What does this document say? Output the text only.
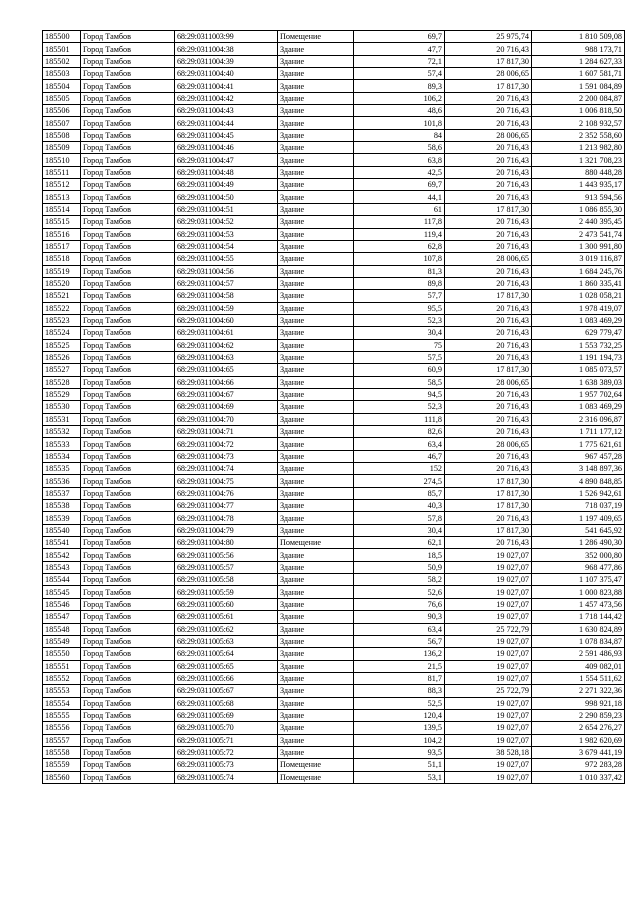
185500	Город Тамбов	68:29:0311003:99	Помещение	69,7	25 975,74	1 810 509,08
185501	Город Тамбов	68:29:0311004:38	Здание	47,7	20 716,43	988 173,71
185502	Город Тамбов	68:29:0311004:39	Здание	72,1	17 817,30	1 284 627,33
185503	Город Тамбов	68:29:0311004:40	Здание	57,4	28 006,65	1 607 581,71
185504	Город Тамбов	68:29:0311004:41	Здание	89,3	17 817,30	1 591 084,89
185505	Город Тамбов	68:29:0311004:42	Здание	106,2	20 716,43	2 200 084,87
185506	Город Тамбов	68:29:0311004:43	Здание	48,6	20 716,43	1 006 818,50
185507	Город Тамбов	68:29:0311004:44	Здание	101,8	20 716,43	2 108 932,57
185508	Город Тамбов	68:29:0311004:45	Здание	84	28 006,65	2 352 558,60
185509	Город Тамбов	68:29:0311004:46	Здание	58,6	20 716,43	1 213 982,80
185510	Город Тамбов	68:29:0311004:47	Здание	63,8	20 716,43	1 321 708,23
185511	Город Тамбов	68:29:0311004:48	Здание	42,5	20 716,43	880 448,28
185512	Город Тамбов	68:29:0311004:49	Здание	69,7	20 716,43	1 443 935,17
185513	Город Тамбов	68:29:0311004:50	Здание	44,1	20 716,43	913 594,56
185514	Город Тамбов	68:29:0311004:51	Здание	61	17 817,30	1 086 855,30
185515	Город Тамбов	68:29:0311004:52	Здание	117,8	20 716,43	2 440 395,45
185516	Город Тамбов	68:29:0311004:53	Здание	119,4	20 716,43	2 473 541,74
185517	Город Тамбов	68:29:0311004:54	Здание	62,8	20 716,43	1 300 991,80
185518	Город Тамбов	68:29:0311004:55	Здание	107,8	28 006,65	3 019 116,87
185519	Город Тамбов	68:29:0311004:56	Здание	81,3	20 716,43	1 684 245,76
185520	Город Тамбов	68:29:0311004:57	Здание	89,8	20 716,43	1 860 335,41
185521	Город Тамбов	68:29:0311004:58	Здание	57,7	17 817,30	1 028 058,21
185522	Город Тамбов	68:29:0311004:59	Здание	95,5	20 716,43	1 978 419,07
185523	Город Тамбов	68:29:0311004:60	Здание	52,3	20 716,43	1 083 469,29
185524	Город Тамбов	68:29:0311004:61	Здание	30,4	20 716,43	629 779,47
185525	Город Тамбов	68:29:0311004:62	Здание	75	20 716,43	1 553 732,25
185526	Город Тамбов	68:29:0311004:63	Здание	57,5	20 716,43	1 191 194,73
185527	Город Тамбов	68:29:0311004:65	Здание	60,9	17 817,30	1 085 073,57
185528	Город Тамбов	68:29:0311004:66	Здание	58,5	28 006,65	1 638 389,03
185529	Город Тамбов	68:29:0311004:67	Здание	94,5	20 716,43	1 957 702,64
185530	Город Тамбов	68:29:0311004:69	Здание	52,3	20 716,43	1 083 469,29
185531	Город Тамбов	68:29:0311004:70	Здание	111,8	20 716,43	2 316 096,87
185532	Город Тамбов	68:29:0311004:71	Здание	82,6	20 716,43	1 711 177,12
185533	Город Тамбов	68:29:0311004:72	Здание	63,4	28 006,65	1 775 621,61
185534	Город Тамбов	68:29:0311004:73	Здание	46,7	20 716,43	967 457,28
185535	Город Тамбов	68:29:0311004:74	Здание	152	20 716,43	3 148 897,36
185536	Город Тамбов	68:29:0311004:75	Здание	274,5	17 817,30	4 890 848,85
185537	Город Тамбов	68:29:0311004:76	Здание	85,7	17 817,30	1 526 942,61
185538	Город Тамбов	68:29:0311004:77	Здание	40,3	17 817,30	718 037,19
185539	Город Тамбов	68:29:0311004:78	Здание	57,8	20 716,43	1 197 409,65
185540	Город Тамбов	68:29:0311004:79	Здание	30,4	17 817,30	541 645,92
185541	Город Тамбов	68:29:0311004:80	Помещение	62,1	20 716,43	1 286 490,30
185542	Город Тамбов	68:29:0311005:56	Здание	18,5	19 027,07	352 000,80
185543	Город Тамбов	68:29:0311005:57	Здание	50,9	19 027,07	968 477,86
185544	Город Тамбов	68:29:0311005:58	Здание	58,2	19 027,07	1 107 375,47
185545	Город Тамбов	68:29:0311005:59	Здание	52,6	19 027,07	1 000 823,88
185546	Город Тамбов	68:29:0311005:60	Здание	76,6	19 027,07	1 457 473,56
185547	Город Тамбов	68:29:0311005:61	Здание	90,3	19 027,07	1 718 144,42
185548	Город Тамбов	68:29:0311005:62	Здание	63,4	25 722,79	1 630 824,89
185549	Город Тамбов	68:29:0311005:63	Здание	56,7	19 027,07	1 078 834,87
185550	Город Тамбов	68:29:0311005:64	Здание	136,2	19 027,07	2 591 486,93
185551	Город Тамбов	68:29:0311005:65	Здание	21,5	19 027,07	409 082,01
185552	Город Тамбов	68:29:0311005:66	Здание	81,7	19 027,07	1 554 511,62
185553	Город Тамбов	68:29:0311005:67	Здание	88,3	25 722,79	2 271 322,36
185554	Город Тамбов	68:29:0311005:68	Здание	52,5	19 027,07	998 921,18
185555	Город Тамбов	68:29:0311005:69	Здание	120,4	19 027,07	2 290 859,23
185556	Город Тамбов	68:29:0311005:70	Здание	139,5	19 027,07	2 654 276,27
185557	Город Тамбов	68:29:0311005:71	Здание	104,2	19 027,07	1 982 620,69
185558	Город Тамбов	68:29:0311005:72	Здание	93,5	38 528,18	3 679 441,19
185559	Город Тамбов	68:29:0311005:73	Помещение	51,1	19 027,07	972 283,28
185560	Город Тамбов	68:29:0311005:74	Помещение	53,1	19 027,07	1 010 337,42
